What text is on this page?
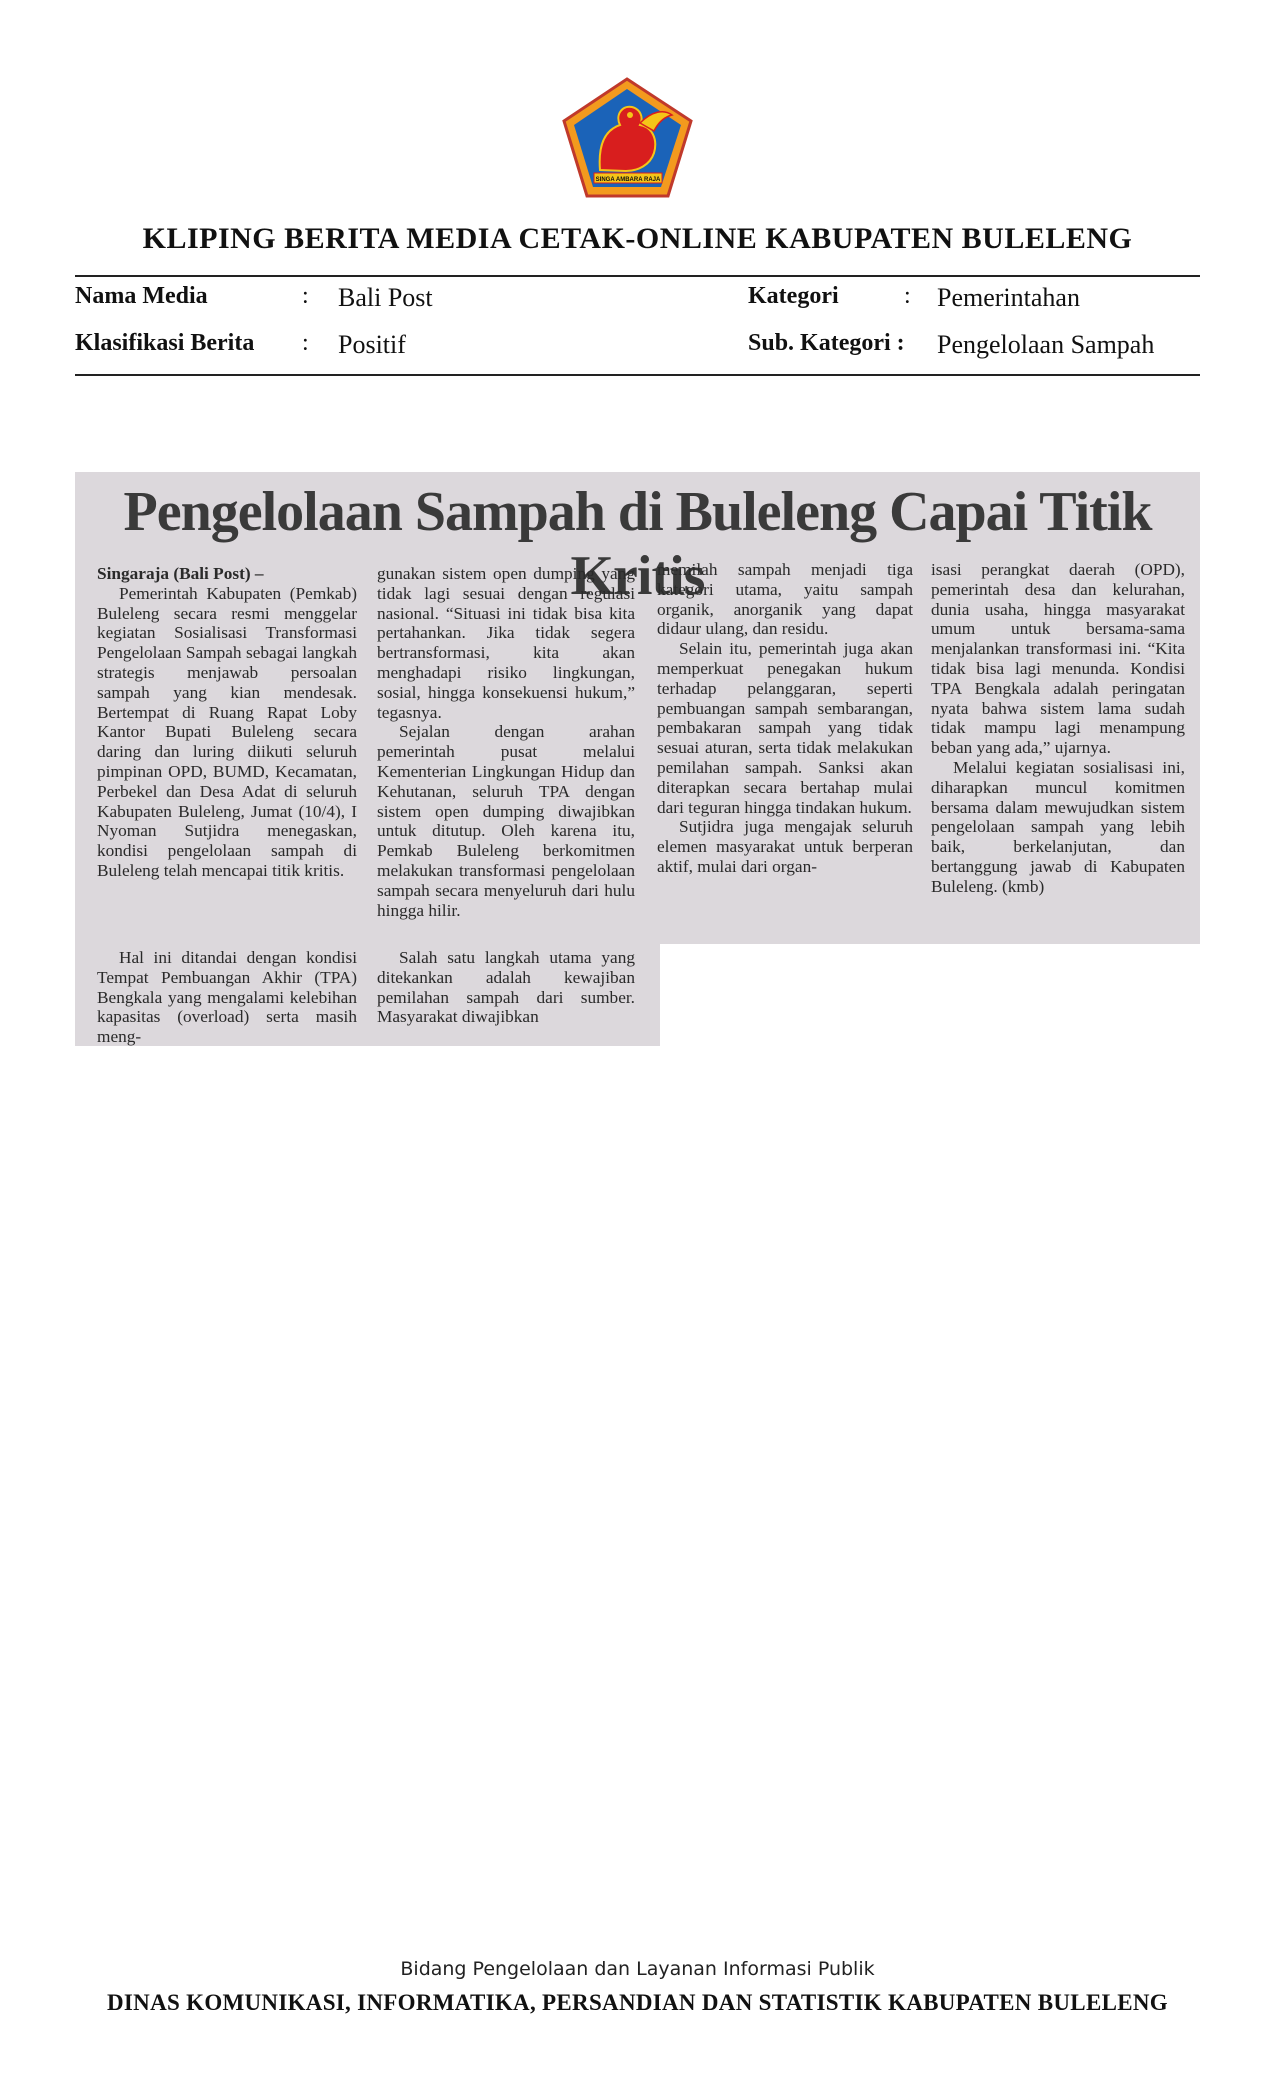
SINGA AMBARA RAJA
KLIPING BERITA MEDIA CETAK-ONLINE KABUPATEN BULELENG
Nama Media	: Bali Post	Kategori	: Pemerintahan
Klasifikasi Berita : Positif	Sub. Kategori : Pengelolaan Sampah
Pengelolaan Sampah di Buleleng Capai Titik Kritis

Singaraja (Bali Post) –

Pemerintah Kabupaten (Pemkab) Buleleng secara resmi menggelar kegiatan Sosialisasi Transformasi Pengelolaan Sampah sebagai langkah strategis menjawab persoalan sampah yang kian mendesak. Bertempat di Ruang Rapat Loby Kantor Bupati Buleleng secara daring dan luring diikuti seluruh pimpinan OPD, BUMD, Kecamatan, Perbekel dan Desa Adat di seluruh Kabupaten Buleleng, Jumat (10/4), I Nyoman Sutjidra menegaskan, kondisi pengelolaan sampah di Buleleng telah mencapai titik kritis.

gunakan sistem open dumping yang tidak lagi sesuai dengan regulasi nasional. “Situasi ini tidak bisa kita pertahankan. Jika tidak segera bertransformasi, kita akan menghadapi risiko lingkungan, sosial, hingga konsekuensi hukum,” tegasnya.

Sejalan dengan arahan pemerintah pusat melalui Kementerian Lingkungan Hidup dan Kehutanan, seluruh TPA dengan sistem open dumping diwajibkan untuk ditutup. Oleh karena itu, Pemkab Buleleng berkomitmen melakukan transformasi pengelolaan sampah secara menyeluruh dari hulu hingga hilir.

memilah sampah menjadi tiga kategori utama, yaitu sampah organik, anorganik yang dapat didaur ulang, dan residu.

Selain itu, pemerintah juga akan memperkuat penegakan hukum terhadap pelanggaran, seperti pembuangan sampah sembarangan, pembakaran sampah yang tidak sesuai aturan, serta tidak melakukan pemilahan sampah. Sanksi akan diterapkan secara bertahap mulai dari teguran hingga tindakan hukum.

Sutjidra juga mengajak seluruh elemen masyarakat untuk berperan aktif, mulai dari organ-

isasi perangkat daerah (OPD), pemerintah desa dan kelurahan, dunia usaha, hingga masyarakat umum untuk bersama-sama menjalankan transformasi ini. “Kita tidak bisa lagi menunda. Kondisi TPA Bengkala adalah peringatan nyata bahwa sistem lama sudah tidak mampu lagi menampung beban yang ada,” ujarnya.

Melalui kegiatan sosialisasi ini, diharapkan muncul komitmen bersama dalam mewujudkan sistem pengelolaan sampah yang lebih baik, berkelanjutan, dan bertanggung jawab di Kabupaten Buleleng. (kmb)

Hal ini ditandai dengan kondisi Tempat Pembuangan Akhir (TPA) Bengkala yang mengalami kelebihan kapasitas (overload) serta masih meng-

Salah satu langkah utama yang ditekankan adalah kewajiban pemilahan sampah dari sumber. Masyarakat diwajibkan

Bidang Pengelolaan dan Layanan Informasi Publik
DINAS KOMUNIKASI, INFORMATIKA, PERSANDIAN DAN STATISTIK KABUPATEN BULELENG
